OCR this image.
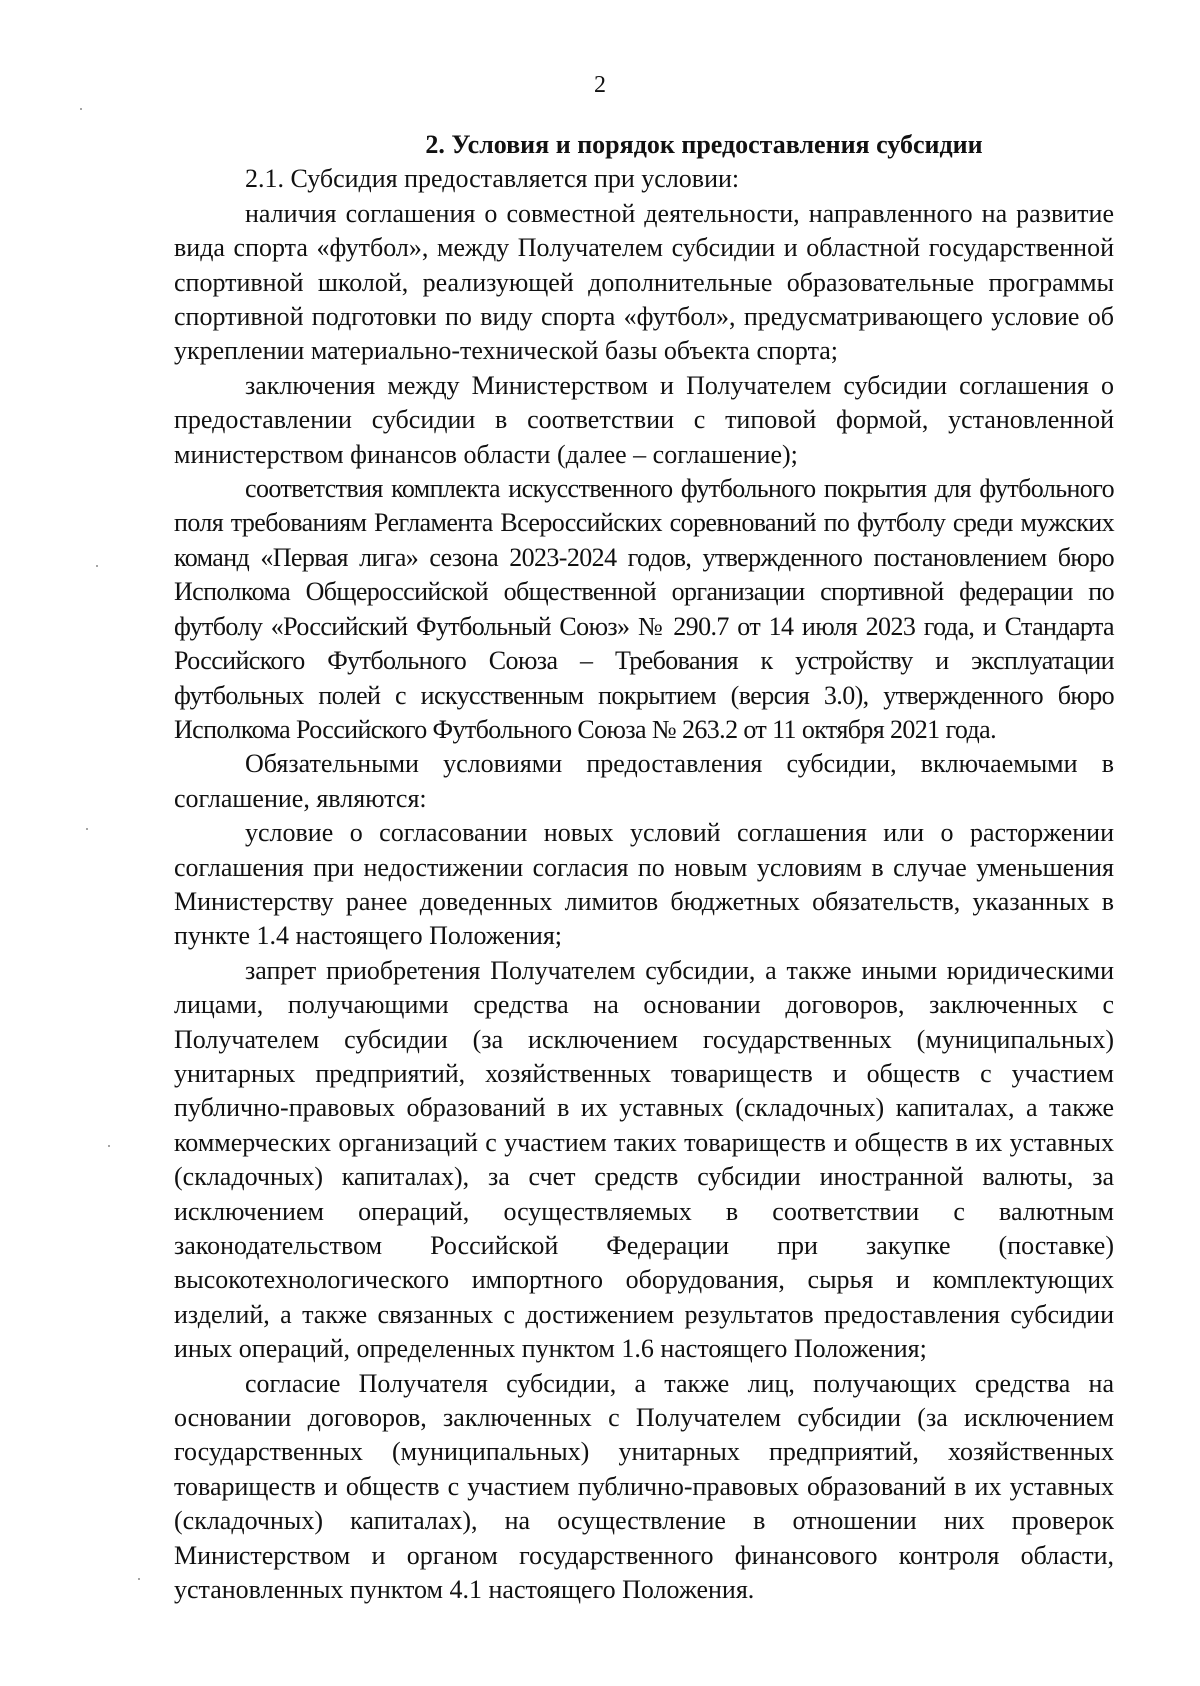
2
2. Условия и порядок предоставления субсидии

2.1. Субсидия предоставляется при условии:

наличия соглашения о совместной деятельности, направленного на развитие вида спорта «футбол», между Получателем субсидии и областной государственной спортивной школой, реализующей дополнительные образовательные программы спортивной подготовки по виду спорта «футбол», предусматривающего условие об укреплении материально-технической базы объекта спорта;

заключения между Министерством и Получателем субсидии соглашения о предоставлении субсидии в соответствии с типовой формой, установленной министерством финансов области (далее – соглашение);

соответствия комплекта искусственного футбольного покрытия для футбольного поля требованиям Регламента Всероссийских соревнований по футболу среди мужских команд «Первая лига» сезона 2023-2024 годов, утвержденного постановлением бюро Исполкома Общероссийской общественной организации спортивной федерации по футболу «Российский Футбольный Союз» № 290.7 от 14 июля 2023 года, и Стандарта Российского Футбольного Союза – Требования к устройству и эксплуатации футбольных полей с искусственным покрытием (версия 3.0), утвержденного бюро Исполкома Российского Футбольного Союза № 263.2 от 11 октября 2021 года.

Обязательными условиями предоставления субсидии, включаемыми в соглашение, являются:

условие о согласовании новых условий соглашения или о расторжении соглашения при недостижении согласия по новым условиям в случае уменьшения Министерству ранее доведенных лимитов бюджетных обязательств, указанных в пункте 1.4 настоящего Положения;

запрет приобретения Получателем субсидии, а также иными юридическими лицами, получающими средства на основании договоров, заключенных с Получателем субсидии (за исключением государственных (муниципальных) унитарных предприятий, хозяйственных товариществ и обществ с участием публично-правовых образований в их уставных (складочных) капиталах, а также коммерческих организаций с участием таких товариществ и обществ в их уставных (складочных) капиталах), за счет средств субсидии иностранной валюты, за исключением операций, осуществляемых в соответствии с валютным законодательством Российской Федерации при закупке (поставке) высокотехнологического импортного оборудования, сырья и комплектующих изделий, а также связанных с достижением результатов предоставления субсидии иных операций, определенных пунктом 1.6 настоящего Положения;

согласие Получателя субсидии, а также лиц, получающих средства на основании договоров, заключенных с Получателем субсидии (за исключением государственных (муниципальных) унитарных предприятий, хозяйственных товариществ и обществ с участием публично-правовых образований в их уставных (складочных) капиталах), на осуществление в отношении них проверок Министерством и органом государственного финансового контроля области, установленных пунктом 4.1 настоящего Положения.
